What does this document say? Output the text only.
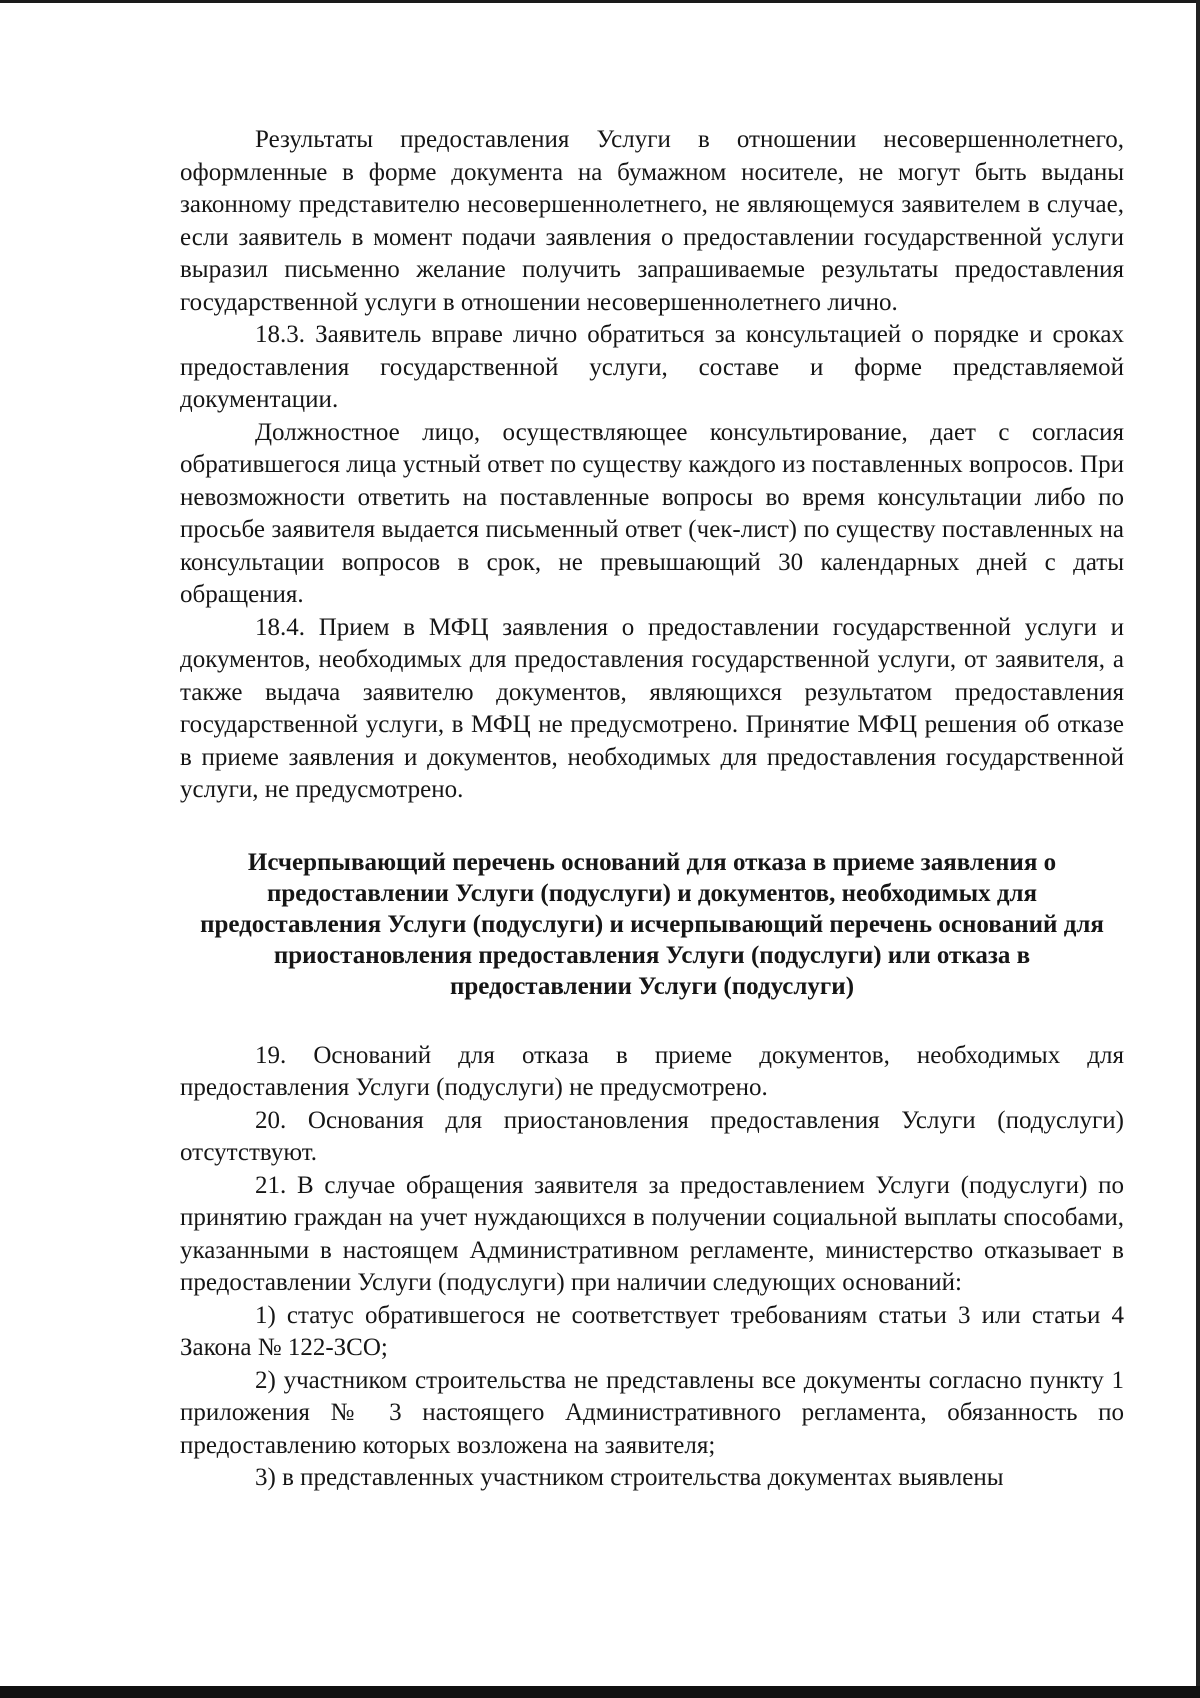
Результаты предоставления Услуги в отношении несовершеннолетнего, оформленные в форме документа на бумажном носителе, не могут быть выданы законному представителю несовершеннолетнего, не являющемуся заявителем в случае, если заявитель в момент подачи заявления о предоставлении государственной услуги выразил письменно желание получить запрашиваемые результаты предоставления государственной услуги в отношении несовершеннолетнего лично.

18.3. Заявитель вправе лично обратиться за консультацией о порядке и сроках предоставления государственной услуги, составе и форме представляемой документации.

Должностное лицо, осуществляющее консультирование, дает с согласия обратившегося лица устный ответ по существу каждого из поставленных вопросов. При невозможности ответить на поставленные вопросы во время консультации либо по просьбе заявителя выдается письменный ответ (чек-лист) по существу поставленных на консультации вопросов в срок, не превышающий 30 календарных дней с даты обращения.

18.4. Прием в МФЦ заявления о предоставлении государственной услуги и документов, необходимых для предоставления государственной услуги, от заявителя, а также выдача заявителю документов, являющихся результатом предоставления государственной услуги, в МФЦ не предусмотрено. Принятие МФЦ решения об отказе в приеме заявления и документов, необходимых для предоставления государственной услуги, не предусмотрено.

Исчерпывающий перечень оснований для отказа в приеме заявления о предоставлении Услуги (подуслуги) и документов, необходимых для предоставления Услуги (подуслуги) и исчерпывающий перечень оснований для приостановления предоставления Услуги (подуслуги) или отказа в предоставлении Услуги (подуслуги)

19. Оснований для отказа в приеме документов, необходимых для предоставления Услуги (подуслуги) не предусмотрено.

20. Основания для приостановления предоставления Услуги (подуслуги) отсутствуют.

21. В случае обращения заявителя за предоставлением Услуги (подуслуги) по принятию граждан на учет нуждающихся в получении социальной выплаты способами, указанными в настоящем Административном регламенте, министерство отказывает в предоставлении Услуги (подуслуги) при наличии следующих оснований:

1) статус обратившегося не соответствует требованиям статьи 3 или статьи 4 Закона № 122-ЗСО;

2) участником строительства не представлены все документы согласно пункту 1 приложения № 3 настоящего Административного регламента, обязанность по предоставлению которых возложена на заявителя;

3) в представленных участником строительства документах выявлены
